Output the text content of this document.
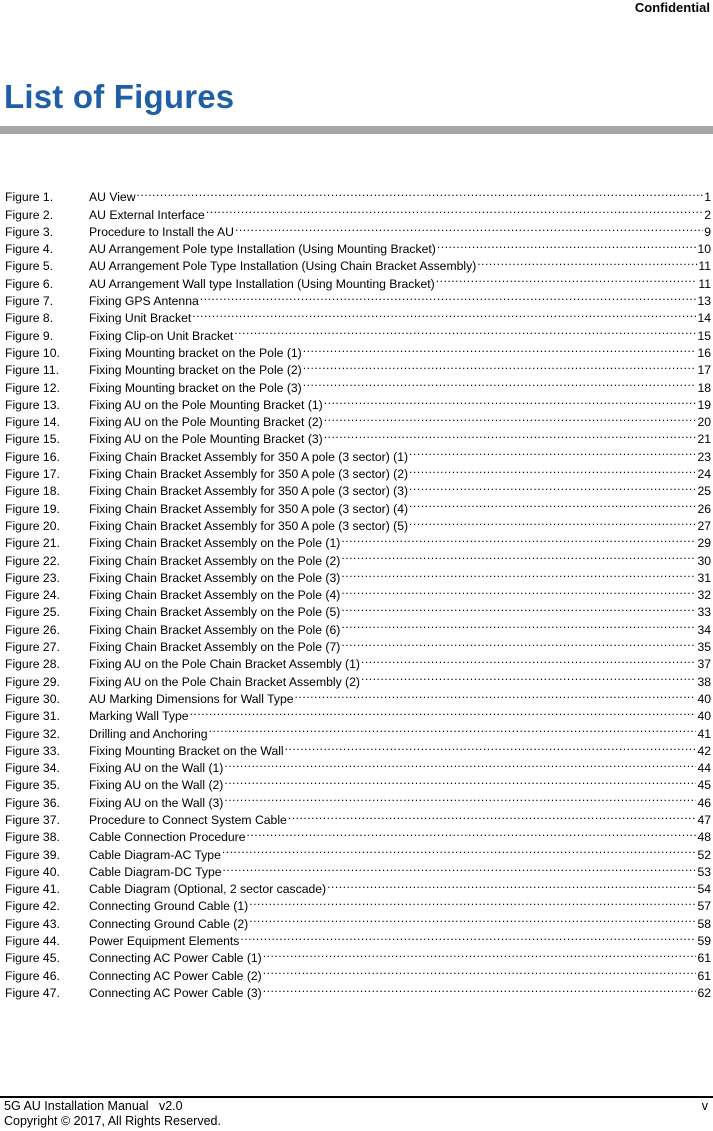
Confidential
List of Figures
Figure 1.	AU View .....	1
Figure 2.	AU External Interface .....	2
Figure 3.	Procedure to Install the AU .....	9
Figure 4.	AU Arrangement Pole type Installation (Using Mounting Bracket) .....	10
Figure 5.	AU Arrangement Pole Type Installation (Using Chain Bracket Assembly) .....	11
Figure 6.	AU Arrangement Wall type Installation (Using Mounting Bracket) .....	11
Figure 7.	Fixing GPS Antenna .....	13
Figure 8.	Fixing Unit Bracket .....	14
Figure 9.	Fixing Clip-on Unit Bracket .....	15
Figure 10.	Fixing Mounting bracket on the Pole (1) .....	16
Figure 11.	Fixing Mounting bracket on the Pole (2) .....	17
Figure 12.	Fixing Mounting bracket on the Pole (3) .....	18
Figure 13.	Fixing AU on the Pole Mounting Bracket (1) .....	19
Figure 14.	Fixing AU on the Pole Mounting Bracket (2) .....	20
Figure 15.	Fixing AU on the Pole Mounting Bracket (3) .....	21
Figure 16.	Fixing Chain Bracket Assembly for 350 A pole (3 sector) (1) .....	23
Figure 17.	Fixing Chain Bracket Assembly for 350 A pole (3 sector) (2) .....	24
Figure 18.	Fixing Chain Bracket Assembly for 350 A pole (3 sector) (3) .....	25
Figure 19.	Fixing Chain Bracket Assembly for 350 A pole (3 sector) (4) .....	26
Figure 20.	Fixing Chain Bracket Assembly for 350 A pole (3 sector) (5) .....	27
Figure 21.	Fixing Chain Bracket Assembly on the Pole (1) .....	29
Figure 22.	Fixing Chain Bracket Assembly on the Pole (2) .....	30
Figure 23.	Fixing Chain Bracket Assembly on the Pole (3) .....	31
Figure 24.	Fixing Chain Bracket Assembly on the Pole (4) .....	32
Figure 25.	Fixing Chain Bracket Assembly on the Pole (5) .....	33
Figure 26.	Fixing Chain Bracket Assembly on the Pole (6) .....	34
Figure 27.	Fixing Chain Bracket Assembly on the Pole (7) .....	35
Figure 28.	Fixing AU on the Pole Chain Bracket Assembly (1) .....	37
Figure 29.	Fixing AU on the Pole Chain Bracket Assembly (2) .....	38
Figure 30.	AU Marking Dimensions for Wall Type .....	40
Figure 31.	Marking Wall Type .....	40
Figure 32.	Drilling and Anchoring .....	41
Figure 33.	Fixing Mounting Bracket on the Wall .....	42
Figure 34.	Fixing AU on the Wall (1) .....	44
Figure 35.	Fixing AU on the Wall (2) .....	45
Figure 36.	Fixing AU on the Wall (3) .....	46
Figure 37.	Procedure to Connect System Cable .....	47
Figure 38.	Cable Connection Procedure .....	48
Figure 39.	Cable Diagram-AC Type .....	52
Figure 40.	Cable Diagram-DC Type .....	53
Figure 41.	Cable Diagram (Optional, 2 sector cascade) .....	54
Figure 42.	Connecting Ground Cable (1) .....	57
Figure 43.	Connecting Ground Cable (2) .....	58
Figure 44.	Power Equipment Elements .....	59
Figure 45.	Connecting AC Power Cable (1) .....	61
Figure 46.	Connecting AC Power Cable (2) .....	61
Figure 47.	Connecting AC Power Cable (3) .....	62
5G AU Installation Manual   v2.0
Copyright © 2017, All Rights Reserved.
v
